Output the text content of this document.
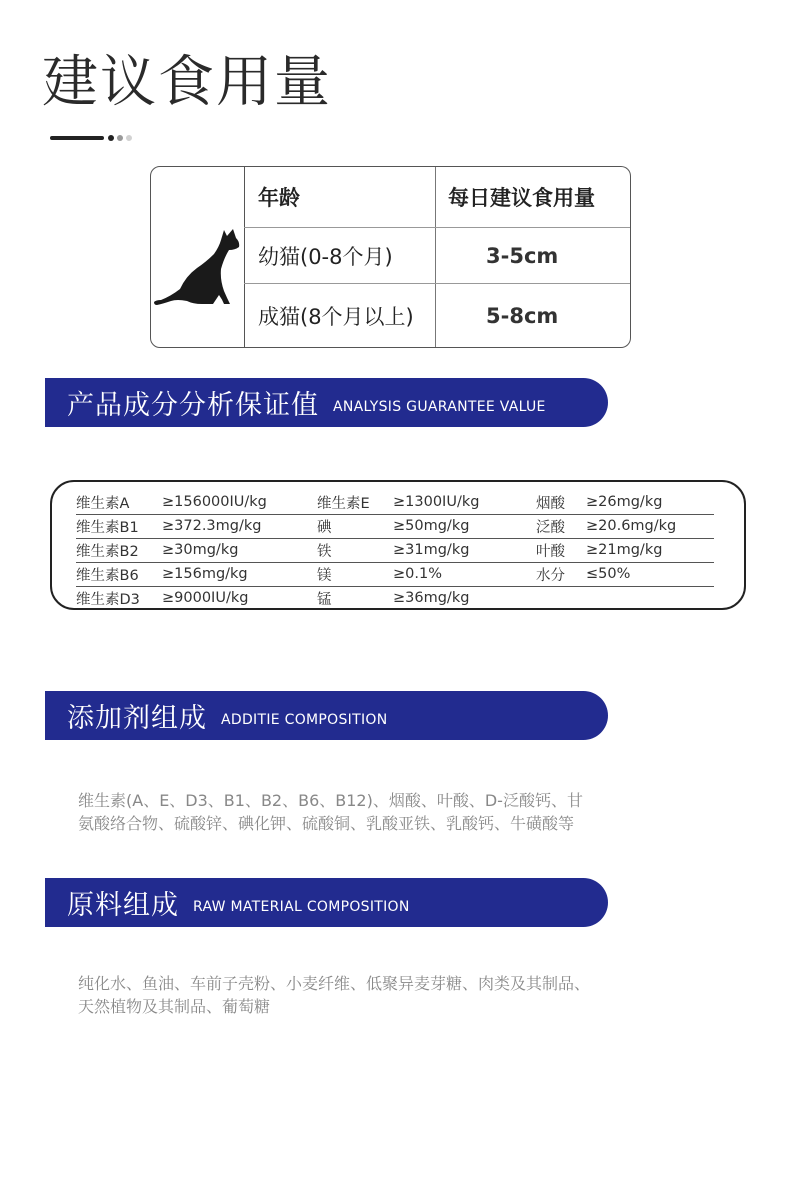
建议食用量
年龄	每日建议食用量
幼猫(0-8个月)	3-5cm
成猫(8个月以上)	5-8cm
产品成分分析保证值 ANALYSIS GUARANTEE VALUE
维生素A	≥156000IU/kg	维生素E	≥1300IU/kg	烟酸	≥26mg/kg
维生素B1	≥372.3mg/kg	碘	≥50mg/kg	泛酸	≥20.6mg/kg
维生素B2	≥30mg/kg	铁	≥31mg/kg	叶酸	≥21mg/kg
维生素B6	≥156mg/kg	镁	≥0.1%	水分	≤50%
维生素D3	≥9000IU/kg	锰	≥36mg/kg
添加剂组成 ADDITIE COMPOSITION
维生素(A、E、D3、B1、B2、B6、B12)、烟酸、叶酸、D-泛酸钙、甘
氨酸络合物、硫酸锌、碘化钾、硫酸铜、乳酸亚铁、乳酸钙、牛磺酸等
原料组成 RAW MATERIAL COMPOSITION
纯化水、鱼油、车前子壳粉、小麦纤维、低聚异麦芽糖、肉类及其制品、
天然植物及其制品、葡萄糖
